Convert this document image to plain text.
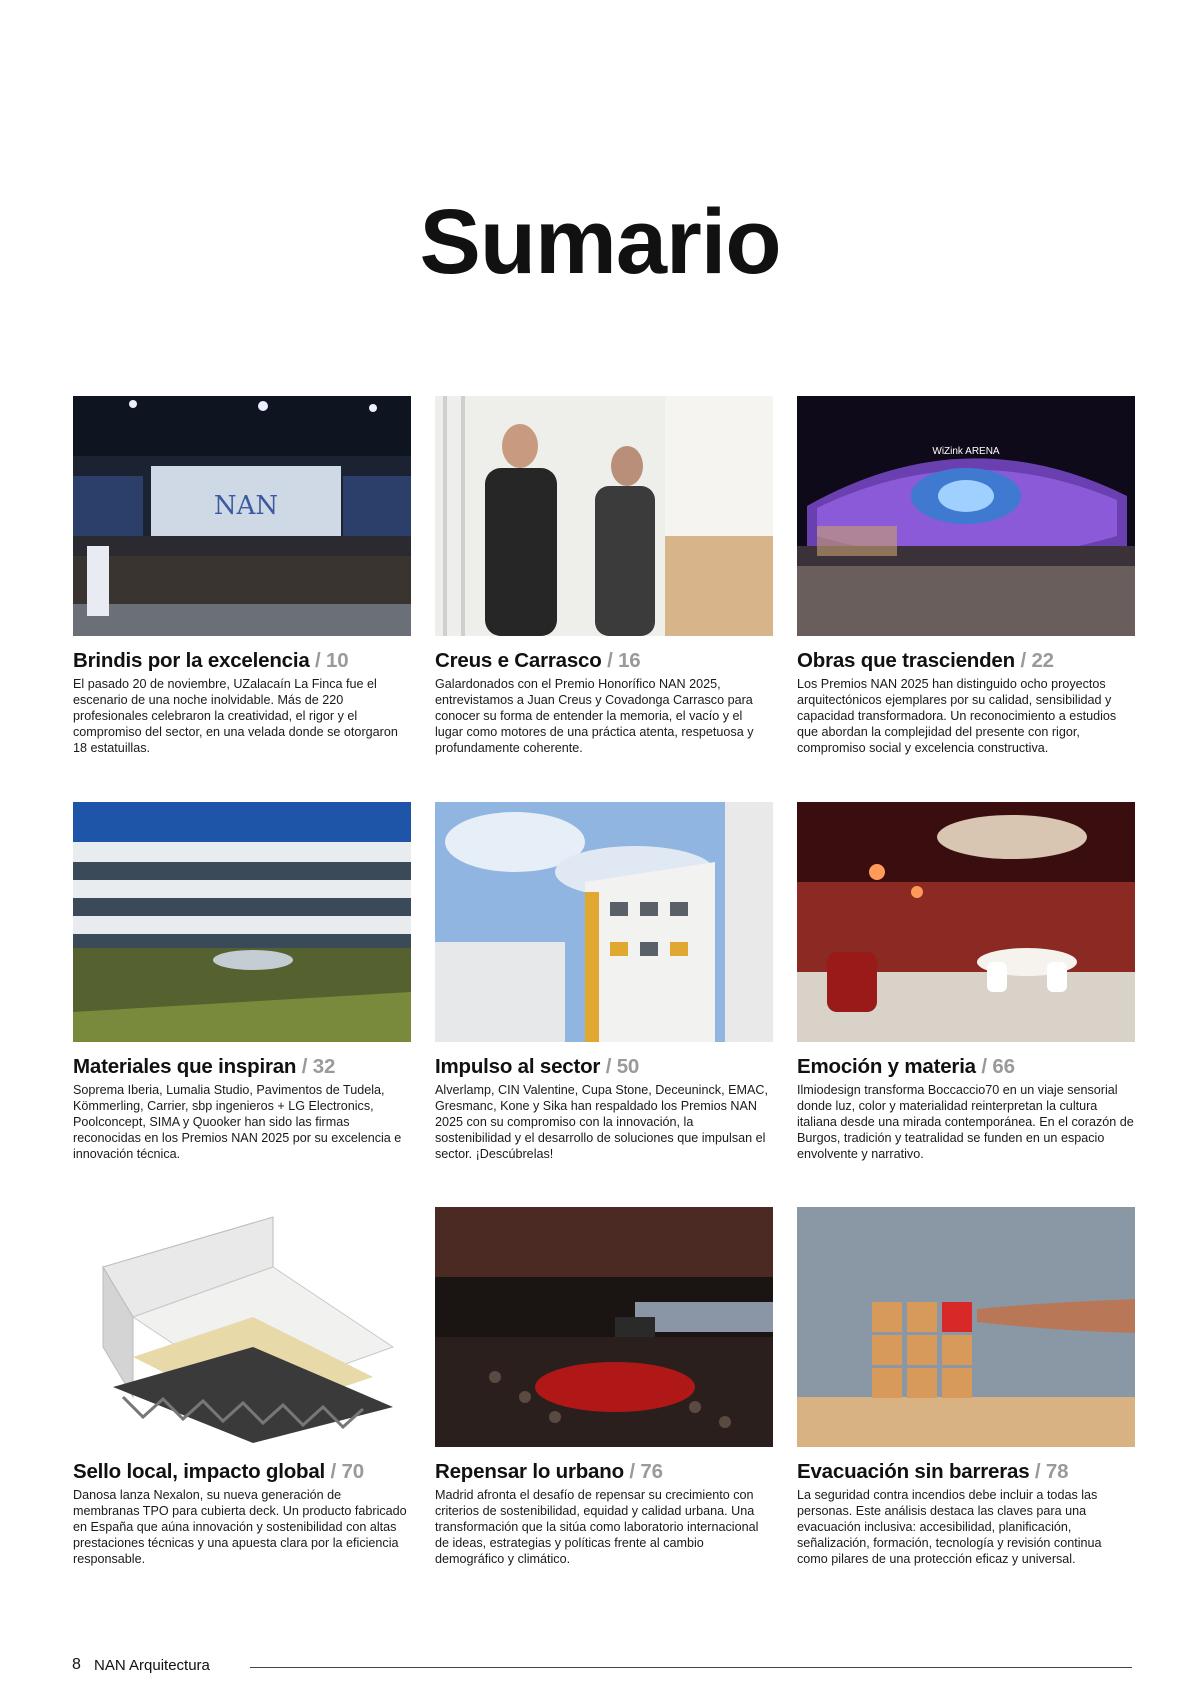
Sumario
NAN
Brindis por la excelencia / 10
El pasado 20 de noviembre, UZalacaín La Finca fue el escenario de una noche inolvidable. Más de 220 profesionales celebraron la creatividad, el rigor y el compromiso del sector, en una velada donde se otorgaron 18 estatuillas.
Creus e Carrasco / 16
Galardonados con el Premio Honorífico NAN 2025, entrevistamos a Juan Creus y Covadonga Carrasco para conocer su forma de entender la memoria, el vacío y el lugar como motores de una práctica atenta, respetuosa y profundamente coherente.
WiZink ARENA
Obras que trascienden / 22
Los Premios NAN 2025 han distinguido ocho proyectos arquitectónicos ejemplares por su calidad, sensibilidad y capacidad transformadora. Un reconocimiento a estudios que abordan la complejidad del presente con rigor, compromiso social y excelencia constructiva.
Materiales que inspiran / 32
Soprema Iberia, Lumalia Studio, Pavimentos de Tudela, Kömmerling, Carrier, sbp ingenieros + LG Electronics, Poolconcept, SIMA y Quooker han sido las firmas reconocidas en los Premios NAN 2025 por su excelencia e innovación técnica.
Impulso al sector / 50
Alverlamp, CIN Valentine, Cupa Stone, Deceuninck, EMAC, Gresmanc, Kone y Sika han respaldado los Premios NAN 2025 con su compromiso con la innovación, la sostenibilidad y el desarrollo de soluciones que impulsan el sector. ¡Descúbrelas!
Emoción y materia / 66
Ilmiodesign transforma Boccaccio70 en un viaje sensorial donde luz, color y materialidad reinterpretan la cultura italiana desde una mirada contemporánea. En el corazón de Burgos, tradición y teatralidad se funden en un espacio envolvente y narrativo.
Sello local, impacto global / 70
Danosa lanza Nexalon, su nueva generación de membranas TPO para cubierta deck. Un producto fabricado en España que aúna innovación y sostenibilidad con altas prestaciones técnicas y una apuesta clara por la eficiencia responsable.
Repensar lo urbano / 76
Madrid afronta el desafío de repensar su crecimiento con criterios de sostenibilidad, equidad y calidad urbana. Una transformación que la sitúa como laboratorio internacional de ideas, estrategias y políticas frente al cambio demográfico y climático.
Evacuación sin barreras / 78
La seguridad contra incendios debe incluir a todas las personas. Este análisis destaca las claves para una evacuación inclusiva: accesibilidad, planificación, señalización, formación, tecnología y revisión continua como pilares de una protección eficaz y universal.
8 NAN Arquitectura
